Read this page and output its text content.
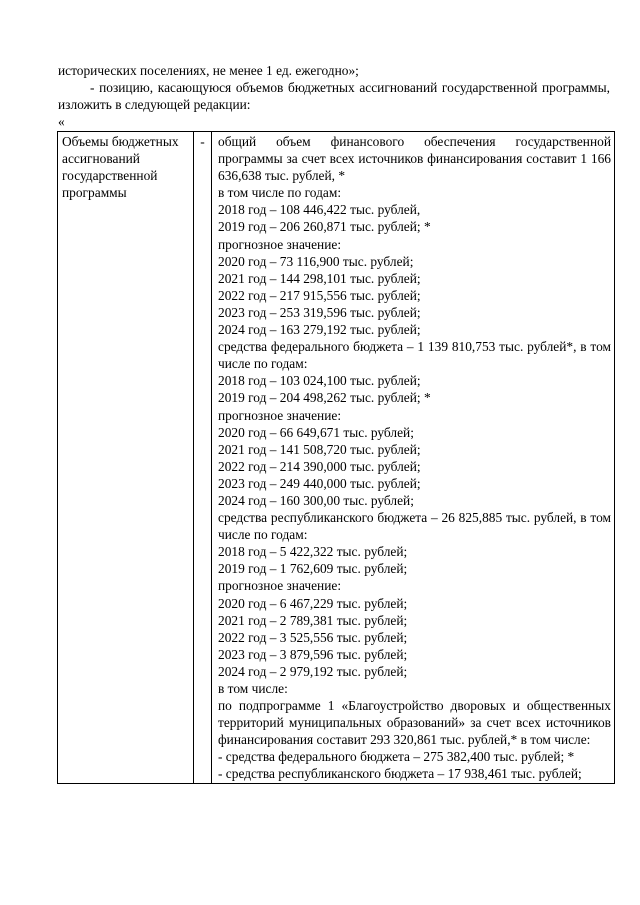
исторических поселениях, не менее 1 ед. ежегодно»;

- позицию, касающуюся объемов бюджетных ассигнований государственной программы, изложить в следующей редакции:

«
Объемы бюджетных ассигнований государственной программы

-	общий объем финансового обеспечения государственной программы за счет всех источников финансирования составит 1 166 636,638 тыс. рублей, *

в том числе по годам:

2018 год – 108 446,422 тыс. рублей,

2019 год – 206 260,871 тыс. рублей; *

прогнозное значение:

2020 год – 73 116,900 тыс. рублей;

2021 год – 144 298,101 тыс. рублей;

2022 год – 217 915,556 тыс. рублей;

2023 год – 253 319,596 тыс. рублей;

2024 год – 163 279,192 тыс. рублей;

средства федерального бюджета – 1 139 810,753 тыс. рублей*, в том числе по годам:

2018 год – 103 024,100 тыс. рублей;

2019 год – 204 498,262 тыс. рублей; *

прогнозное значение:

2020 год – 66 649,671 тыс. рублей;

2021 год – 141 508,720 тыс. рублей;

2022 год – 214 390,000 тыс. рублей;

2023 год – 249 440,000 тыс. рублей;

2024 год – 160 300,00 тыс. рублей;

средства республиканского бюджета – 26 825,885 тыс. рублей, в том числе по годам:

2018 год – 5 422,322 тыс. рублей;

2019 год – 1 762,609 тыс. рублей;

прогнозное значение:

2020 год – 6 467,229 тыс. рублей;

2021 год – 2 789,381 тыс. рублей;

2022 год – 3 525,556 тыс. рублей;

2023 год – 3 879,596 тыс. рублей;

2024 год – 2 979,192 тыс. рублей;

в том числе:

по подпрограмме 1 «Благоустройство дворовых и общественных территорий муниципальных образований» за счет всех источников финансирования составит 293 320,861 тыс. рублей,* в том числе:

- средства федерального бюджета – 275 382,400 тыс. рублей; *

- средства республиканского бюджета – 17 938,461 тыс. рублей;
